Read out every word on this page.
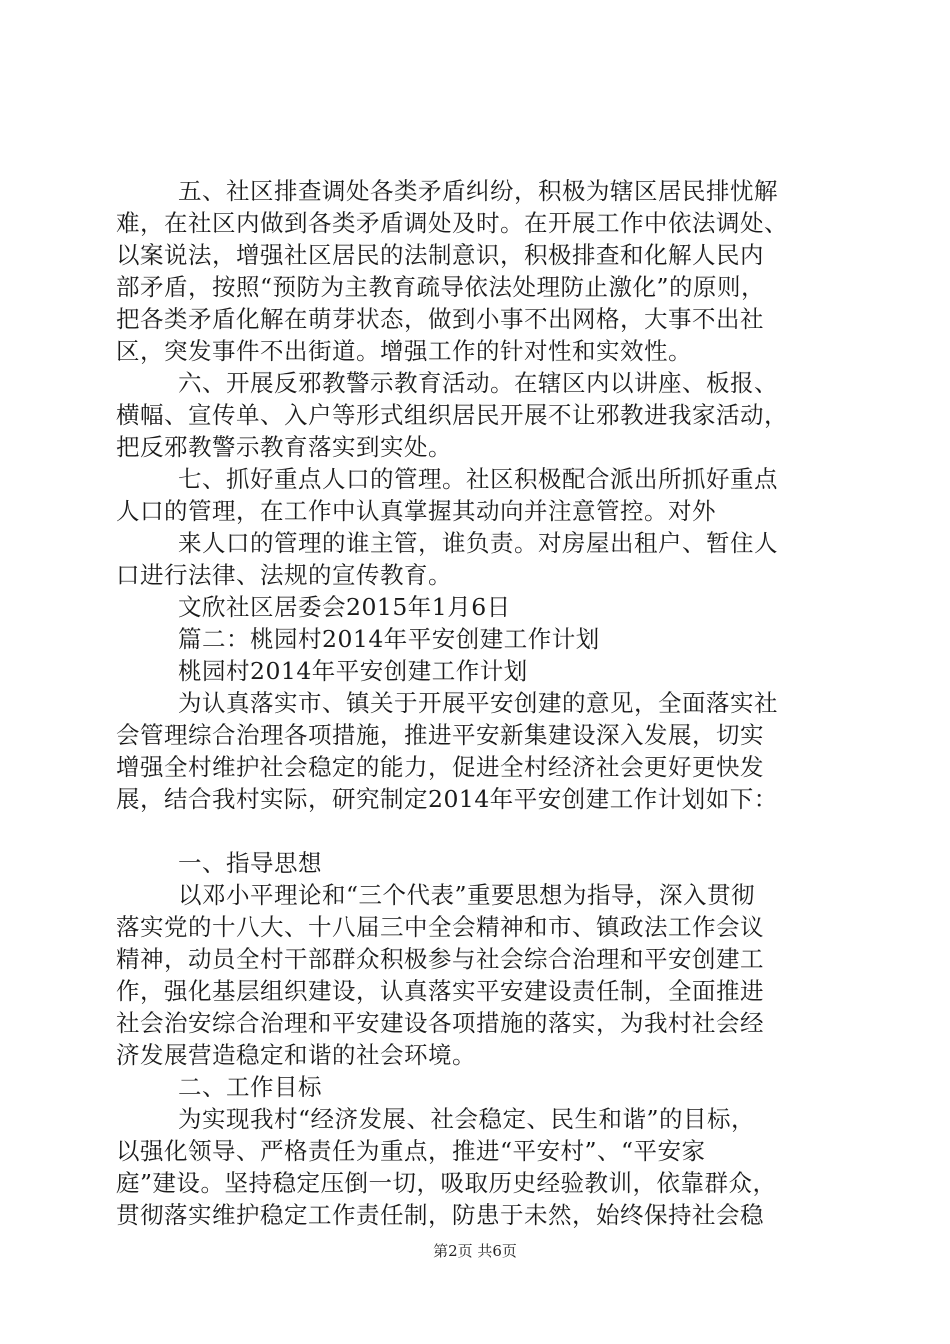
五、社区排查调处各类矛盾纠纷，积极为辖区居民排忧解
难，在社区内做到各类矛盾调处及时。在开展工作中依法调处、
以案说法，增强社区居民的法制意识，积极排查和化解人民内
部矛盾，按照“预防为主教育疏导依法处理防止激化”的原则，
把各类矛盾化解在萌芽状态，做到小事不出网格，大事不出社
区，突发事件不出街道。增强工作的针对性和实效性。
六、开展反邪教警示教育活动。在辖区内以讲座、板报、
横幅、宣传单、入户等形式组织居民开展不让邪教进我家活动，
把反邪教警示教育落实到实处。
七、抓好重点人口的管理。社区积极配合派出所抓好重点
人口的管理，在工作中认真掌握其动向并注意管控。对外
来人口的管理的谁主管，谁负责。对房屋出租户、暂住人
口进行法律、法规的宣传教育。
文欣社区居委会2015年1月6日
篇二：桃园村2014年平安创建工作计划
桃园村2014年平安创建工作计划
为认真落实市、镇关于开展平安创建的意见，全面落实社
会管理综合治理各项措施，推进平安新集建设深入发展，切实
增强全村维护社会稳定的能力，促进全村经济社会更好更快发
展，结合我村实际，研究制定2014年平安创建工作计划如下：
一、指导思想
以邓小平理论和“三个代表”重要思想为指导，深入贯彻
落实党的十八大、十八届三中全会精神和市、镇政法工作会议
精神，动员全村干部群众积极参与社会综合治理和平安创建工
作，强化基层组织建设，认真落实平安建设责任制，全面推进
社会治安综合治理和平安建设各项措施的落实，为我村社会经
济发展营造稳定和谐的社会环境。
二、工作目标
为实现我村“经济发展、社会稳定、民生和谐”的目标，
以强化领导、严格责任为重点，推进“平安村”、“平安家
庭”建设。坚持稳定压倒一切，吸取历史经验教训，依靠群众，
贯彻落实维护稳定工作责任制，防患于未然，始终保持社会稳
第2页 共6页
